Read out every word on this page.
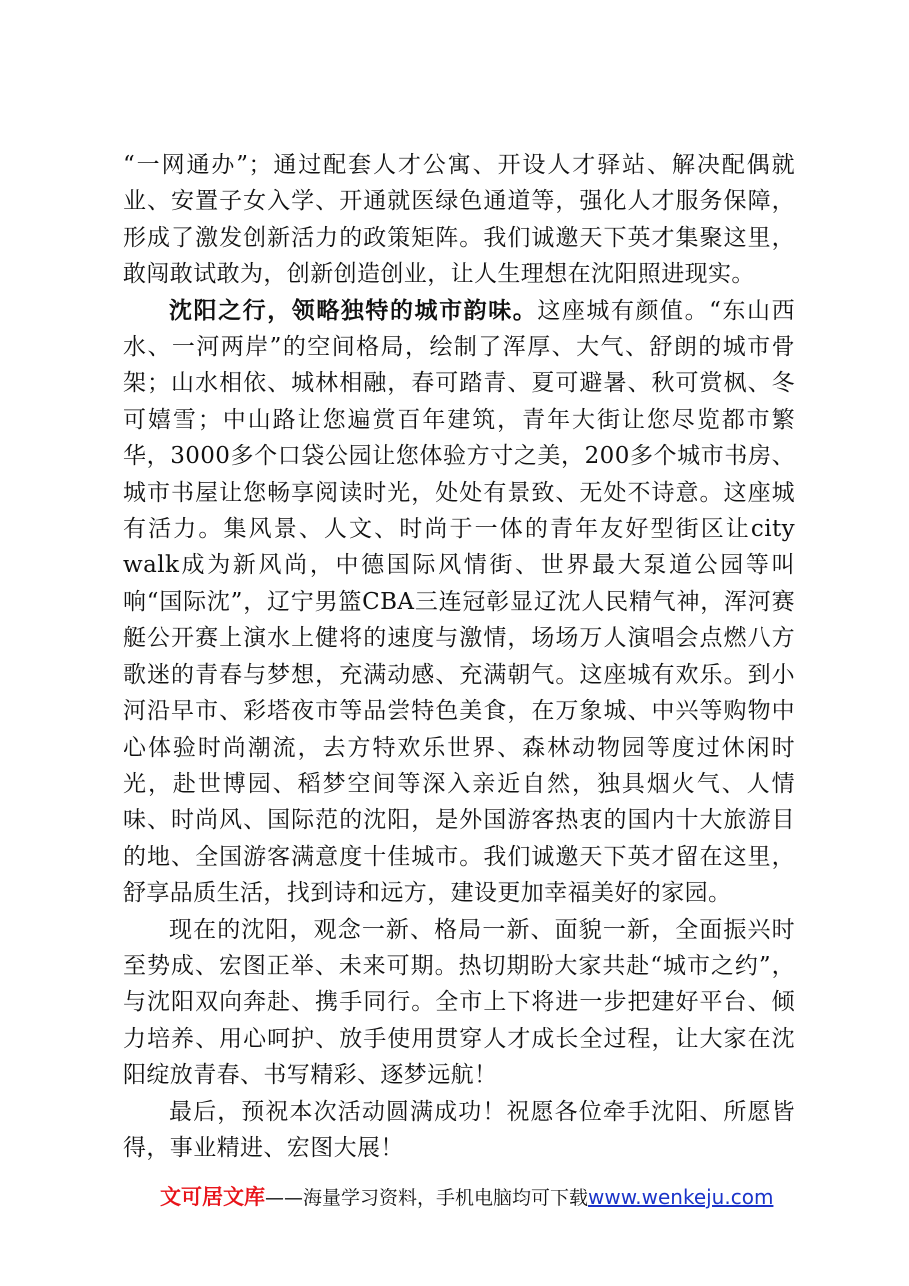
“一网通办”；通过配套人才公寓、开设人才驿站、解决配偶就业、安置子女入学、开通就医绿色通道等，强化人才服务保障，形成了激发创新活力的政策矩阵。我们诚邀天下英才集聚这里，敢闯敢试敢为，创新创造创业，让人生理想在沈阳照进现实。

沈阳之行，领略独特的城市韵味。这座城有颜值。“东山西水、一河两岸”的空间格局，绘制了浑厚、大气、舒朗的城市骨架；山水相依、城林相融，春可踏青、夏可避暑、秋可赏枫、冬可嬉雪；中山路让您遍赏百年建筑，青年大街让您尽览都市繁华，3000多个口袋公园让您体验方寸之美，200多个城市书房、城市书屋让您畅享阅读时光，处处有景致、无处不诗意。这座城有活力。集风景、人文、时尚于一体的青年友好型街区让city walk成为新风尚，中德国际风情街、世界最大泵道公园等叫响“国际沈”，辽宁男篮CBA三连冠彰显辽沈人民精气神，浑河赛艇公开赛上演水上健将的速度与激情，场场万人演唱会点燃八方歌迷的青春与梦想，充满动感、充满朝气。这座城有欢乐。到小河沿早市、彩塔夜市等品尝特色美食，在万象城、中兴等购物中心体验时尚潮流，去方特欢乐世界、森林动物园等度过休闲时光，赴世博园、稻梦空间等深入亲近自然，独具烟火气、人情味、时尚风、国际范的沈阳，是外国游客热衷的国内十大旅游目的地、全国游客满意度十佳城市。我们诚邀天下英才留在这里，舒享品质生活，找到诗和远方，建设更加幸福美好的家园。

现在的沈阳，观念一新、格局一新、面貌一新，全面振兴时至势成、宏图正举、未来可期。热切期盼大家共赴“城市之约”，与沈阳双向奔赴、携手同行。全市上下将进一步把建好平台、倾力培养、用心呵护、放手使用贯穿人才成长全过程，让大家在沈阳绽放青春、书写精彩、逐梦远航！

最后，预祝本次活动圆满成功！祝愿各位牵手沈阳、所愿皆得，事业精进、宏图大展！

文可居文库——海量学习资料，手机电脑均可下载www.wenkeju.com
